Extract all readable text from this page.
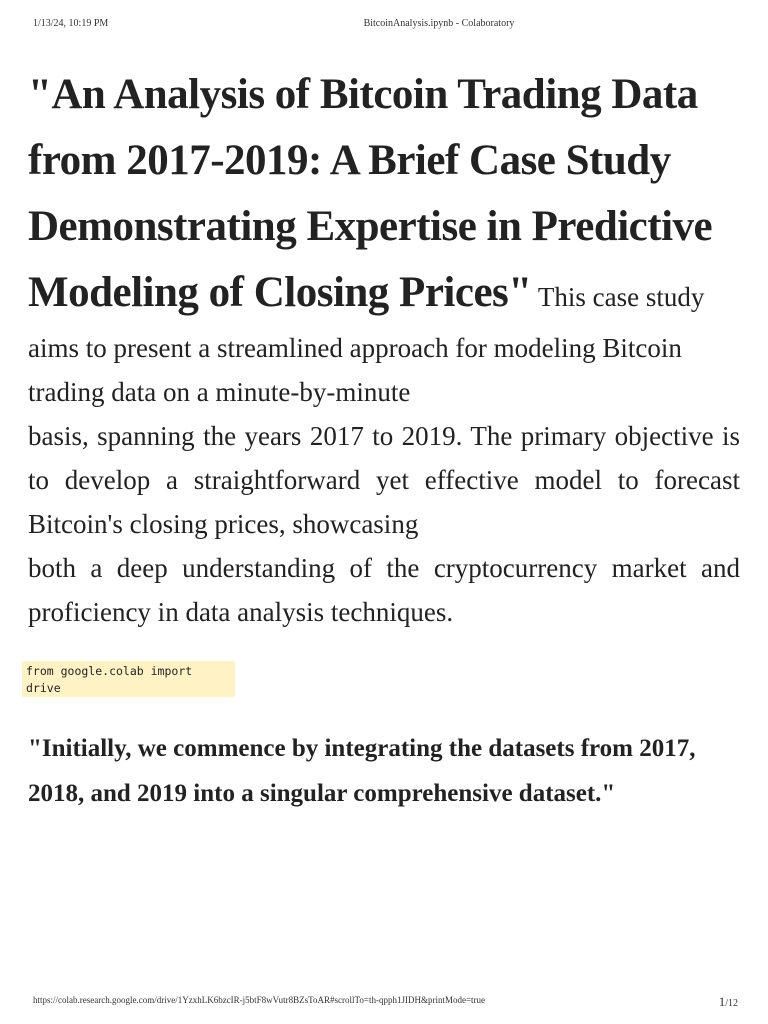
1/13/24, 10:19 PM	BitcoinAnalysis.ipynb - Colaboratory

"An Analysis of Bitcoin Trading Data from 2017-2019: A Brief Case Study Demonstrating Expertise in Predictive Modeling of Closing Prices" This case study aims to present a streamlined approach for modeling Bitcoin trading data on a minute-by-minute

basis, spanning the years 2017 to 2019. The primary objective is to develop a straightforward yet effective model to forecast Bitcoin's closing prices, showcasing

both a deep understanding of the cryptocurrency market and proficiency in data analysis techniques.

from google.colab import drive

"Initially, we commence by integrating the datasets from 2017, 2018, and 2019 into a singular comprehensive dataset."

https://colab.research.google.com/drive/1YzxhLK6bzcIR-j5btF8wVutr8BZsToAR#scrollTo=th-qpph1JIDH&printMode=true	1/12
